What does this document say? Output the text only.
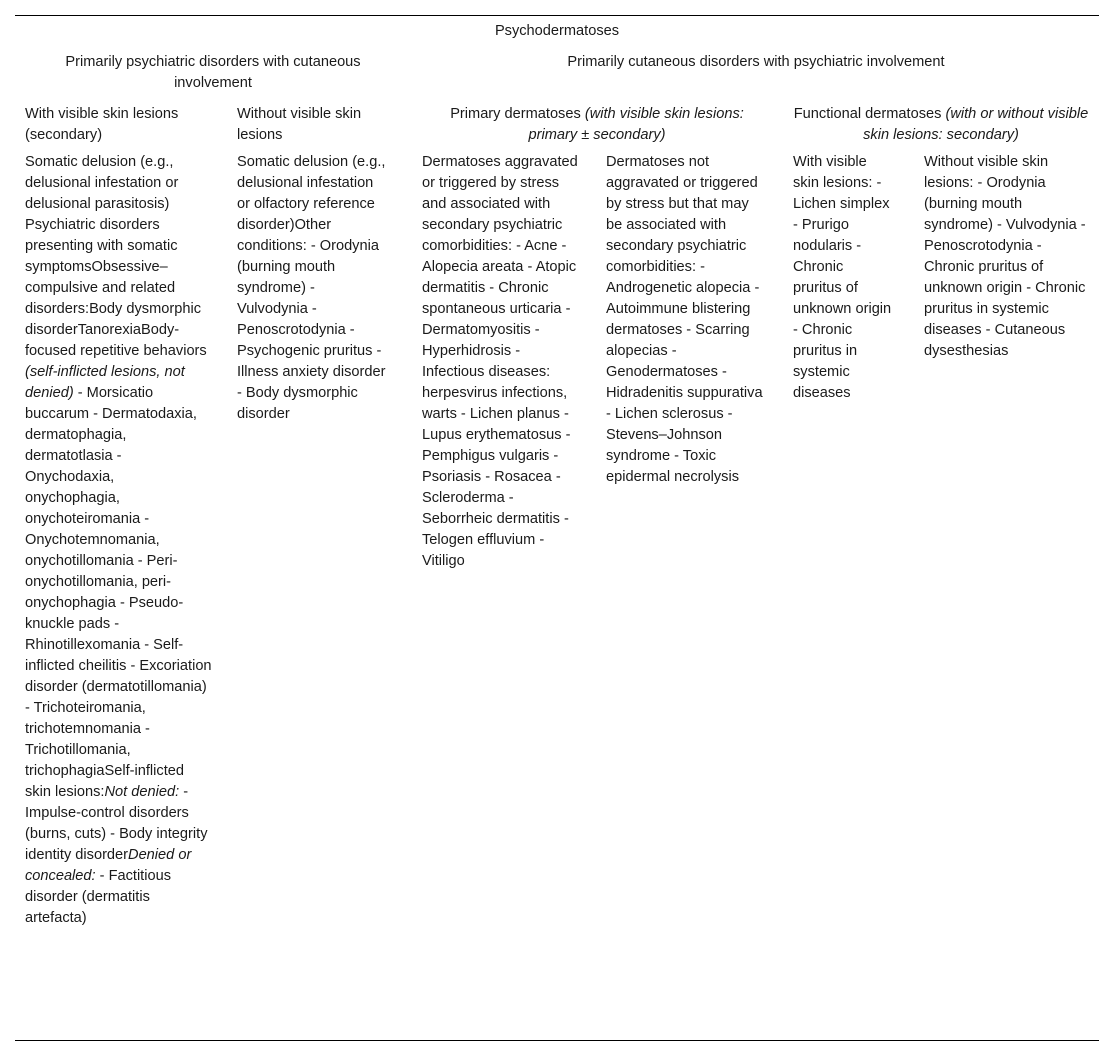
Psychodermatoses
Primarily psychiatric disorders with cutaneous involvement
Primarily cutaneous disorders with psychiatric involvement
With visible skin lesions (secondary)
Without visible skin lesions
Primary dermatoses (with visible skin lesions: primary ± secondary)
Functional dermatoses (with or without visible skin lesions: secondary)
Somatic delusion (e.g., delusional infestation or delusional parasitosis) Psychiatric disorders presenting with somatic symptomsObsessive–compulsive and related disorders:Body dysmorphic disorderTanorexiaBody-focused repetitive behaviors (self-inflicted lesions, not denied) - Morsicatio buccarum - Dermatodaxia, dermatophagia, dermatotlasia - Onychodaxia, onychophagia, onychoteiromania - Onychotemnomania, onychotillomania - Peri-onychotillomania, peri-onychophagia - Pseudo-knuckle pads - Rhinotillexomania - Self-inflicted cheilitis - Excoriation disorder (dermatotillomania) - Trichoteiromania, trichotemnomania - Trichotillomania, trichophagiaSelf-inflicted skin lesions:Not denied: - Impulse-control disorders (burns, cuts) - Body integrity identity disorderDenied or concealed: - Factitious disorder (dermatitis artefacta)
Somatic delusion (e.g., delusional infestation or olfactory reference disorder)Other conditions: - Orodynia (burning mouth syndrome) - Vulvodynia - Penoscrotodynia - Psychogenic pruritus - Illness anxiety disorder - Body dysmorphic disorder
Dermatoses aggravated or triggered by stress and associated with secondary psychiatric comorbidities: - Acne - Alopecia areata - Atopic dermatitis - Chronic spontaneous urticaria - Dermatomyositis - Hyperhidrosis - Infectious diseases: herpesvirus infections, warts - Lichen planus - Lupus erythematosus - Pemphigus vulgaris - Psoriasis - Rosacea - Scleroderma - Seborrheic dermatitis - Telogen effluvium - Vitiligo
Dermatoses not aggravated or triggered by stress but that may be associated with secondary psychiatric comorbidities: - Androgenetic alopecia - Autoimmune blistering dermatoses - Scarring alopecias - Genodermatoses - Hidradenitis suppurativa - Lichen sclerosus - Stevens–Johnson syndrome - Toxic epidermal necrolysis
With visible skin lesions: - Lichen simplex - Prurigo nodularis - Chronic pruritus of unknown origin - Chronic pruritus in systemic diseases
Without visible skin lesions: - Orodynia (burning mouth syndrome) - Vulvodynia - Penoscrotodynia - Chronic pruritus of unknown origin - Chronic pruritus in systemic diseases - Cutaneous dysesthesias
